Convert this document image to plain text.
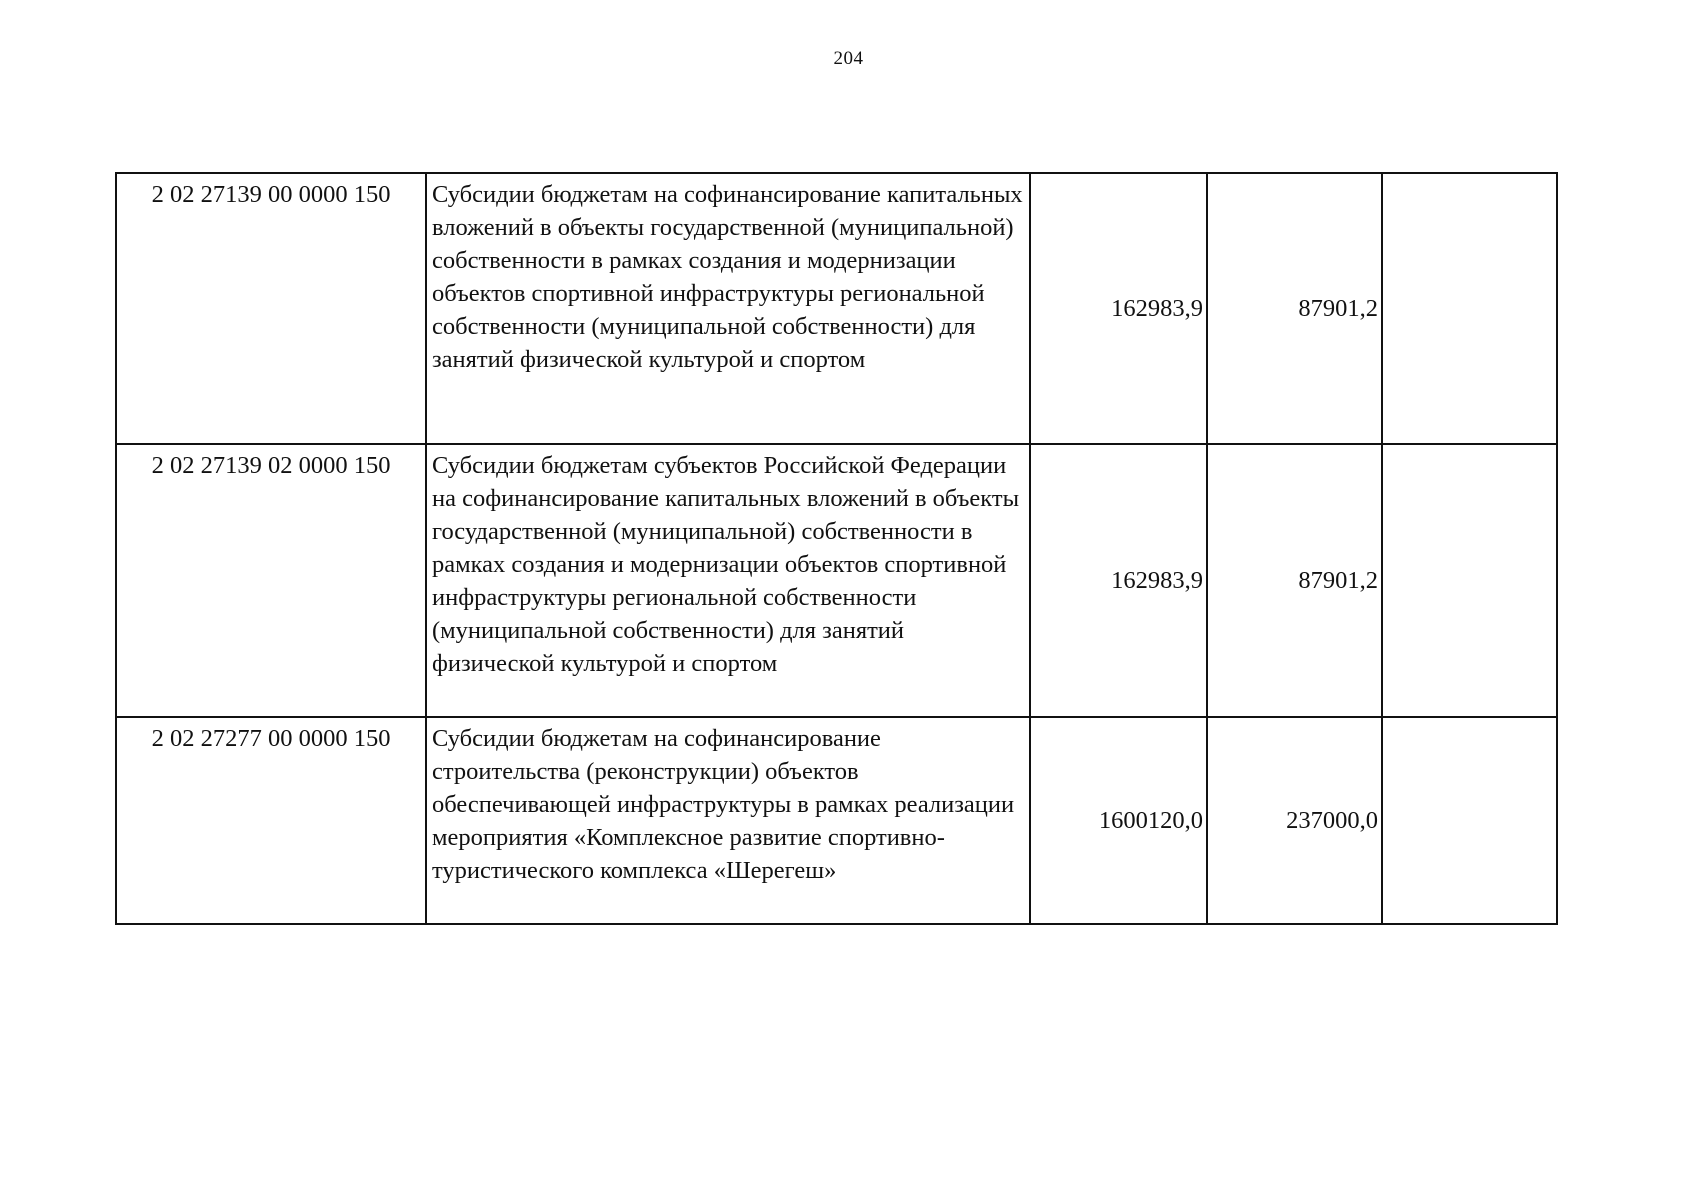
204
2 02 27139 00 0000 150	Субсидии бюджетам на софинансирование капитальных вложений в объекты государственной (муниципальной) собственности в рамках создания и модернизации объектов спортивной инфраструктуры региональной собственности (муниципальной собственности) для занятий физической культурой и спортом	162983,9	87901,2	
2 02 27139 02 0000 150	Субсидии бюджетам субъектов Российской Федерации на софинансирование капитальных вложений в объекты государственной (муниципальной) собственности в рамках создания и модернизации объектов спортивной инфраструктуры региональной собственности (муниципальной собственности) для занятий физической культурой и спортом	162983,9	87901,2	
2 02 27277 00 0000 150	Субсидии бюджетам на софинансирование строительства (реконструкции) объектов обеспечивающей инфраструктуры в рамках реализации мероприятия «Комплексное развитие спортивно-туристического комплекса «Шерегеш»	1600120,0	237000,0	
